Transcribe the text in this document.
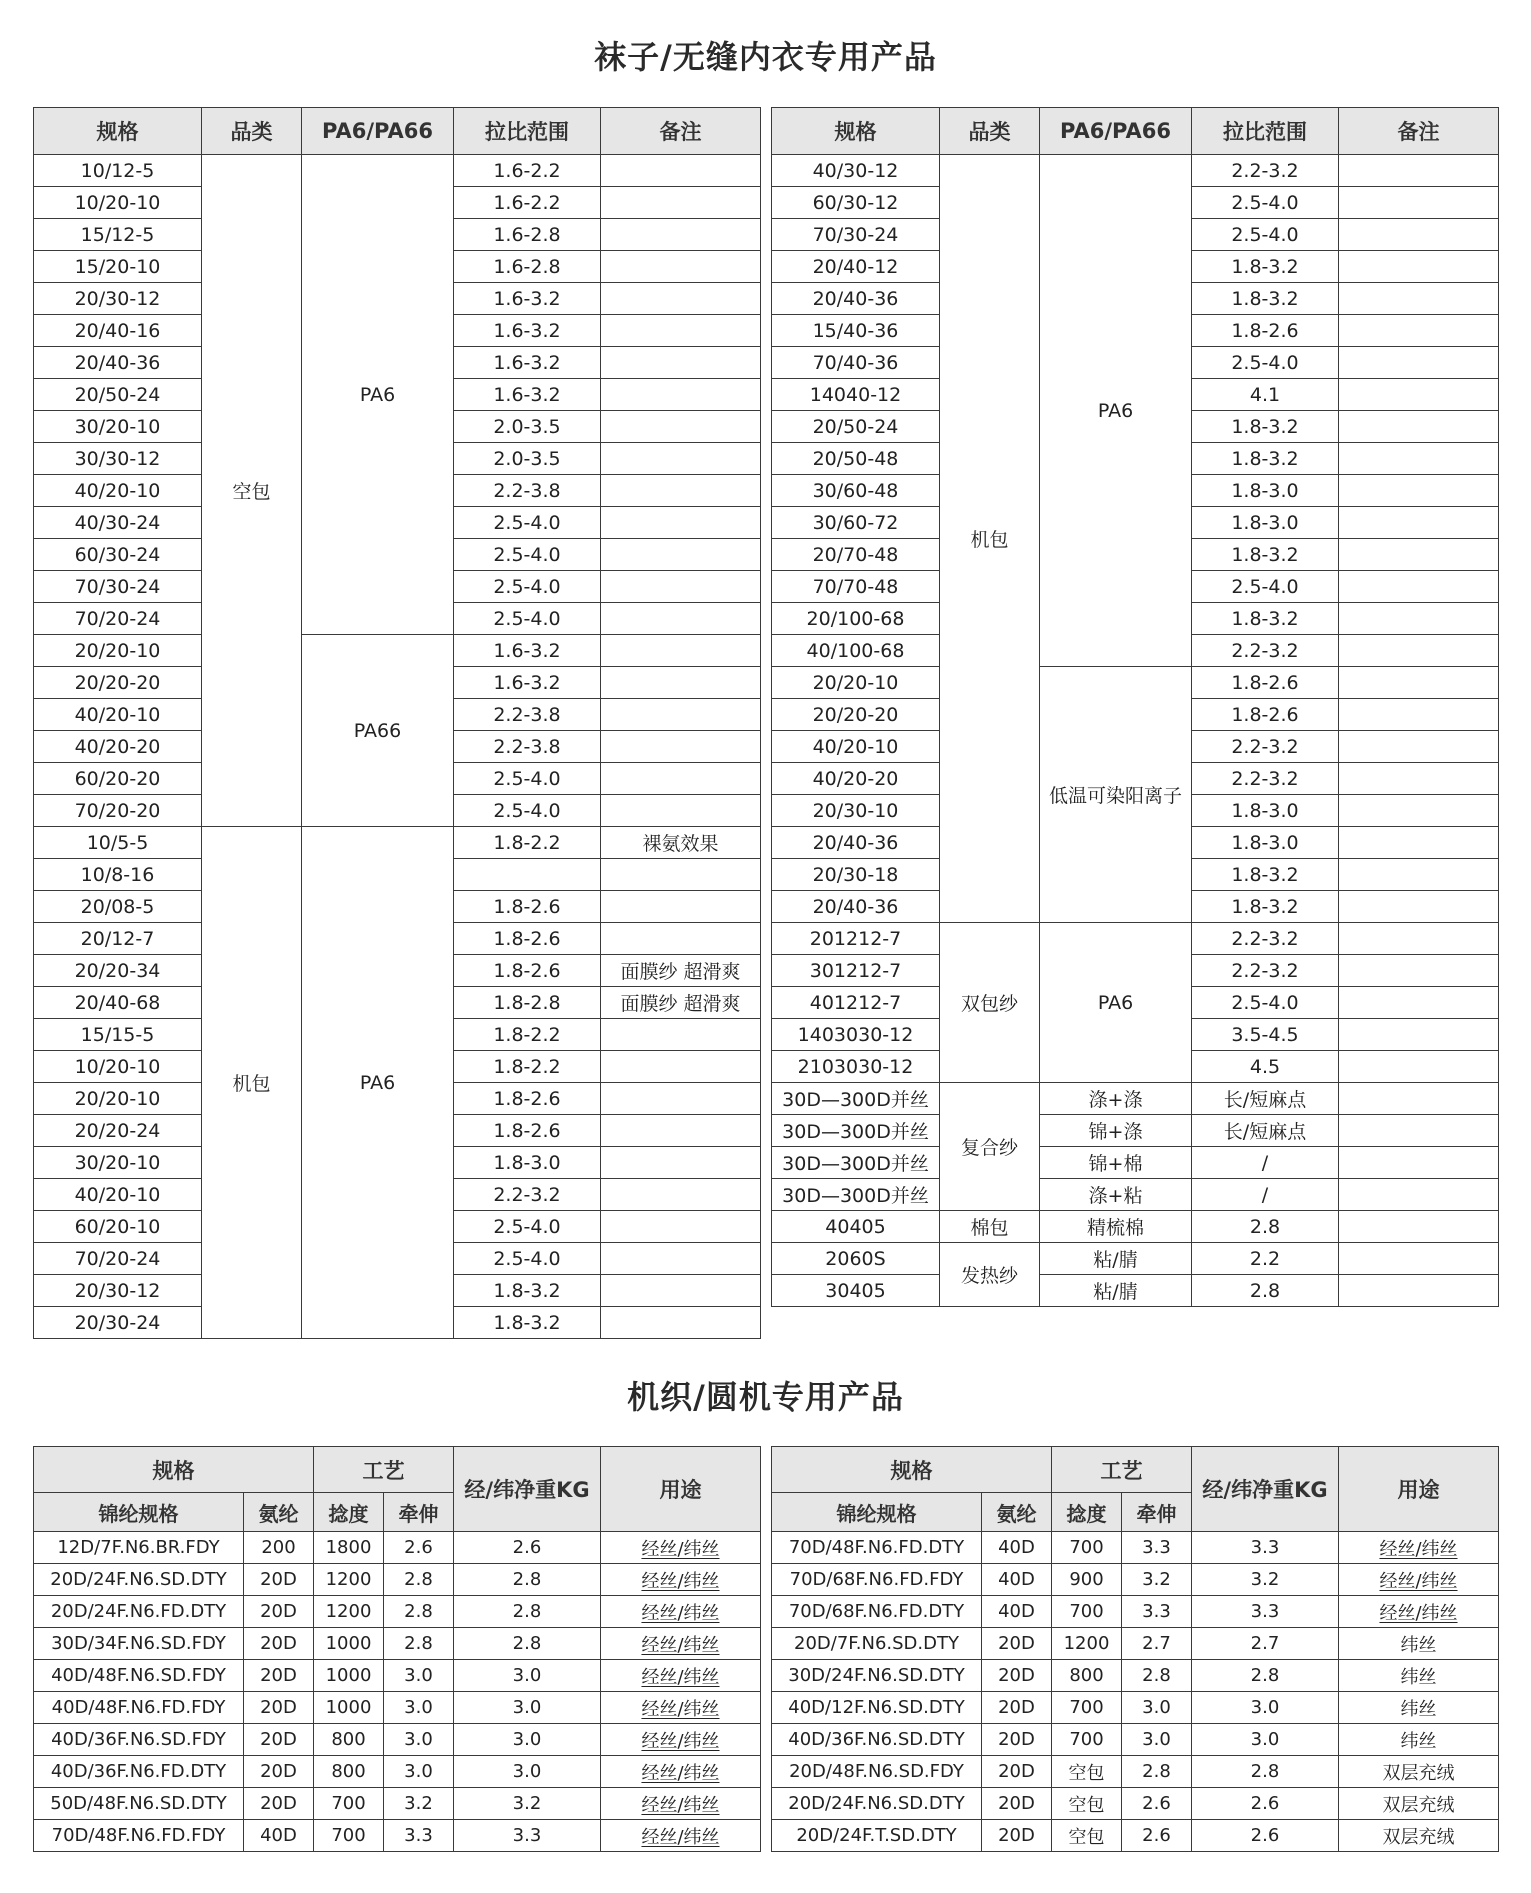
袜子/无缝内衣专用产品
规格	品类	PA6/PA66	拉比范围	备注
10/12-5	空包	PA6	1.6-2.2	
10/20-10			1.6-2.2	
15/12-5			1.6-2.8	
15/20-10			1.6-2.8	
20/30-12			1.6-3.2	
20/40-16			1.6-3.2	
20/40-36			1.6-3.2	
20/50-24			1.6-3.2	
30/20-10			2.0-3.5	
30/30-12			2.0-3.5	
40/20-10			2.2-3.8	
40/30-24			2.5-4.0	
60/30-24			2.5-4.0	
70/30-24			2.5-4.0	
70/20-24			2.5-4.0	
20/20-10		PA66	1.6-3.2	
20/20-20			1.6-3.2	
40/20-10			2.2-3.8	
40/20-20			2.2-3.8	
60/20-20			2.5-4.0	
70/20-20			2.5-4.0	
10/5-5	机包	PA6	1.8-2.2	裸氨效果
10/8-16				
20/08-5			1.8-2.6	
20/12-7			1.8-2.6	
20/20-34			1.8-2.6	面膜纱 超滑爽
20/40-68			1.8-2.8	面膜纱 超滑爽
15/15-5			1.8-2.2	
10/20-10			1.8-2.2	
20/20-10			1.8-2.6	
20/20-24			1.8-2.6	
30/20-10			1.8-3.0	
40/20-10			2.2-3.2	
60/20-10			2.5-4.0	
70/20-24			2.5-4.0	
20/30-12			1.8-3.2	
20/30-24			1.8-3.2	
规格	品类	PA6/PA66	拉比范围	备注
40/30-12	机包	PA6	2.2-3.2	
60/30-12			2.5-4.0	
70/30-24			2.5-4.0	
20/40-12			1.8-3.2	
20/40-36			1.8-3.2	
15/40-36			1.8-2.6	
70/40-36			2.5-4.0	
14040-12			4.1	
20/50-24			1.8-3.2	
20/50-48			1.8-3.2	
30/60-48			1.8-3.0	
30/60-72			1.8-3.0	
20/70-48			1.8-3.2	
70/70-48			2.5-4.0	
20/100-68			1.8-3.2	
40/100-68			2.2-3.2	
20/20-10		低温可染阳离子	1.8-2.6	
20/20-20			1.8-2.6	
40/20-10			2.2-3.2	
40/20-20			2.2-3.2	
20/30-10			1.8-3.0	
20/40-36			1.8-3.0	
20/30-18			1.8-3.2	
20/40-36			1.8-3.2	
201212-7	双包纱	PA6	2.2-3.2	
301212-7			2.2-3.2	
401212-7			2.5-4.0	
1403030-12			3.5-4.5	
2103030-12			4.5	
30D—300D并丝	复合纱	涤+涤	长/短麻点	
30D—300D并丝		锦+涤	长/短麻点	
30D—300D并丝		锦+棉	/	
30D—300D并丝		涤+粘	/	
40405	棉包	精梳棉	2.8	
2060S	发热纱	粘/腈	2.2	
30405		粘/腈	2.8	
机织/圆机专用产品
规格		工艺		经/纬净重KG	用途
锦纶规格	氨纶	捻度	牵伸		
12D/7F.N6.BR.FDY	200	1800	2.6	2.6	经丝/纬丝
20D/24F.N6.SD.DTY	20D	1200	2.8	2.8	经丝/纬丝
20D/24F.N6.FD.DTY	20D	1200	2.8	2.8	经丝/纬丝
30D/34F.N6.SD.FDY	20D	1000	2.8	2.8	经丝/纬丝
40D/48F.N6.SD.FDY	20D	1000	3.0	3.0	经丝/纬丝
40D/48F.N6.FD.FDY	20D	1000	3.0	3.0	经丝/纬丝
40D/36F.N6.SD.FDY	20D	800	3.0	3.0	经丝/纬丝
40D/36F.N6.FD.DTY	20D	800	3.0	3.0	经丝/纬丝
50D/48F.N6.SD.DTY	20D	700	3.2	3.2	经丝/纬丝
70D/48F.N6.FD.FDY	40D	700	3.3	3.3	经丝/纬丝
规格		工艺		经/纬净重KG	用途
锦纶规格	氨纶	捻度	牵伸		
70D/48F.N6.FD.DTY	40D	700	3.3	3.3	经丝/纬丝
70D/68F.N6.FD.FDY	40D	900	3.2	3.2	经丝/纬丝
70D/68F.N6.FD.DTY	40D	700	3.3	3.3	经丝/纬丝
20D/7F.N6.SD.DTY	20D	1200	2.7	2.7	纬丝
30D/24F.N6.SD.DTY	20D	800	2.8	2.8	纬丝
40D/12F.N6.SD.DTY	20D	700	3.0	3.0	纬丝
40D/36F.N6.SD.DTY	20D	700	3.0	3.0	纬丝
20D/48F.N6.SD.FDY	20D	空包	2.8	2.8	双层充绒
20D/24F.N6.SD.DTY	20D	空包	2.6	2.6	双层充绒
20D/24F.T.SD.DTY	20D	空包	2.6	2.6	双层充绒
